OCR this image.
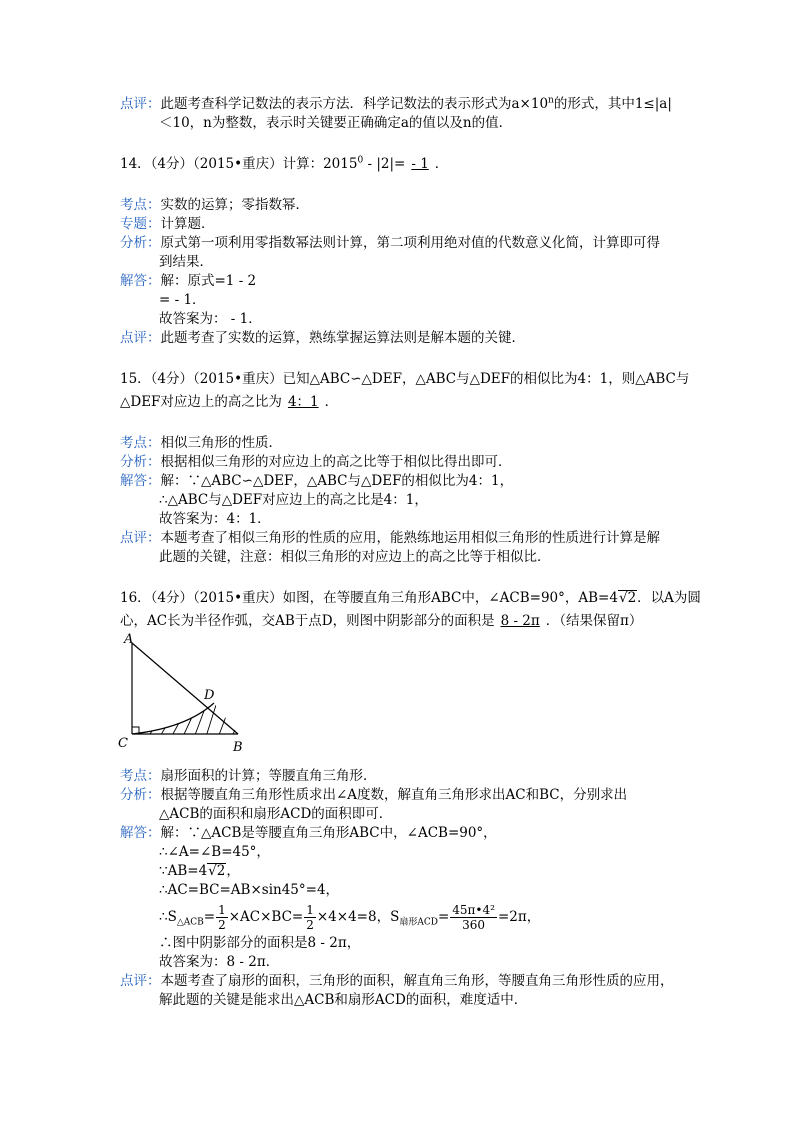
点评：此题考查科学记数法的表示方法．科学记数法的表示形式为$a\times 10^n$的形式，其中1≤|a|
＜10，n为整数，表示时关键要正确确定a的值以及n的值．
14．（4分）（2015•重庆）计算：2015$^0$ - |2|= - 1 ．
考点：实数的运算；零指数幂．
专题：计算题．
分析：原式第一项利用零指数幂法则计算，第二项利用绝对值的代数意义化简，计算即可得
到结果．
解答：解：原式=1 - 2
= - 1．
故答案为： - 1．
点评：此题考查了实数的运算，熟练掌握运算法则是解本题的关键．
15．（4分）（2015•重庆）已知△ABC∽△DEF，△ABC与△DEF的相似比为4：1，则△ABC与
△DEF对应边上的高之比为 4：1 ．
考点：相似三角形的性质．
分析：根据相似三角形的对应边上的高之比等于相似比得出即可．
解答：解：∵△ABC∽△DEF，△ABC与△DEF的相似比为4：1，
∴△ABC与△DEF对应边上的高之比是4：1，
故答案为：4：1．
点评：本题考查了相似三角形的性质的应用，能熟练地运用相似三角形的性质进行计算是解
此题的关键，注意：相似三角形的对应边上的高之比等于相似比．
16．（4分）（2015•重庆）如图，在等腰直角三角形ABC中，∠ACB=90°，AB=4√2．以A为圆
心，AC长为半径作弧，交AB于点D，则图中阴影部分的面积是 8 - 2π ．（结果保留π）
A
C	B
D
考点：扇形面积的计算；等腰直角三角形．
分析：根据等腰直角三角形性质求出∠A度数，解直角三角形求出AC和BC，分别求出
△ACB的面积和扇形ACD的面积即可．
解答：解：∵△ACB是等腰直角三角形ABC中，∠ACB=90°，
∴∠A=∠B=45°，
∵AB=4√2，
∴AC=BC=AB×sin45°=4，
$\therefore S_{\triangle ACB}= \frac{1}{2} \times AC\times BC= \frac{1}{2} \times 4\times 4=8$，$S_{扇形ACD}= \frac{\text{45π•4²}}{360} =2\pi$，
∴图中阴影部分的面积是8 - 2π，
故答案为：8 - 2π．
点评：本题考查了扇形的面积，三角形的面积，解直角三角形，等腰直角三角形性质的应用，
解此题的关键是能求出△ACB和扇形ACD的面积，难度适中．
